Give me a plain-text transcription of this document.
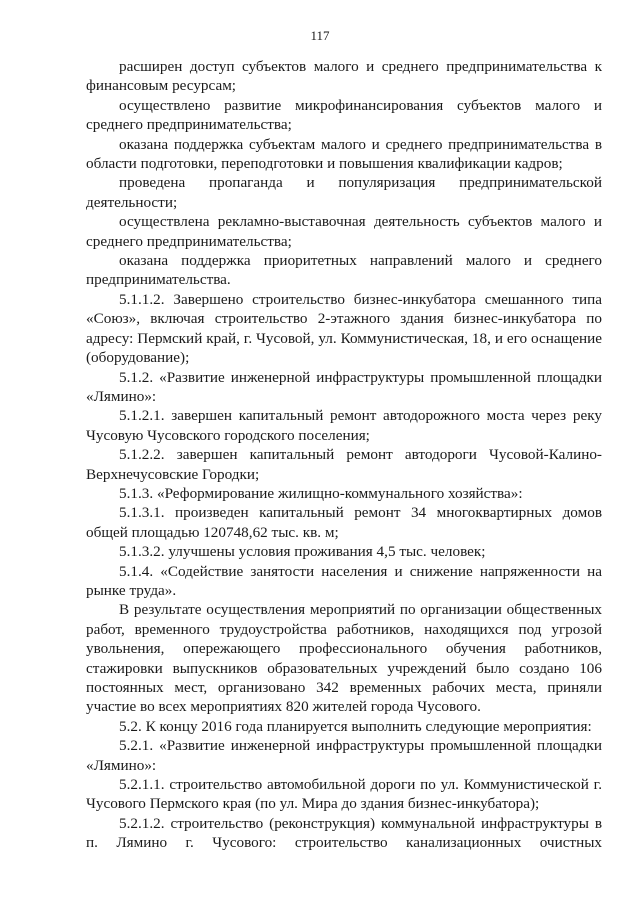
117

расширен доступ субъектов малого и среднего предпринимательства к финансовым ресурсам;

осуществлено развитие микрофинансирования субъектов малого и среднего предпринимательства;

оказана поддержка субъектам малого и среднего предпринимательства в области подготовки, переподготовки и повышения квалификации кадров;

проведена пропаганда и популяризация предпринимательской деятельности;

осуществлена рекламно-выставочная деятельность субъектов малого и среднего предпринимательства;

оказана поддержка приоритетных направлений малого и среднего предпринимательства.

5.1.1.2. Завершено строительство бизнес-инкубатора смешанного типа «Союз», включая строительство 2-этажного здания бизнес-инкубатора по адресу: Пермский край, г. Чусовой, ул. Коммунистическая, 18, и его оснащение (оборудование);

5.1.2. «Развитие инженерной инфраструктуры промышленной площадки «Лямино»:

5.1.2.1. завершен капитальный ремонт автодорожного моста через реку Чусовую Чусовского городского поселения;

5.1.2.2. завершен капитальный ремонт автодороги Чусовой-Калино-Верхнечусовские Городки;

5.1.3. «Реформирование жилищно-коммунального хозяйства»:

5.1.3.1. произведен капитальный ремонт 34 многоквартирных домов общей площадью 120748,62 тыс. кв. м;

5.1.3.2. улучшены условия проживания 4,5 тыс. человек;

5.1.4. «Содействие занятости населения и снижение напряженности на рынке труда».

В результате осуществления мероприятий по организации общественных работ, временного трудоустройства работников, находящихся под угрозой увольнения, опережающего профессионального обучения работников, стажировки выпускников образовательных учреждений было создано 106 постоянных мест, организовано 342 временных рабочих места, приняли участие во всех мероприятиях 820 жителей города Чусового.

5.2. К концу 2016 года планируется выполнить следующие мероприятия:

5.2.1. «Развитие инженерной инфраструктуры промышленной площадки «Лямино»:

5.2.1.1. строительство автомобильной дороги по ул. Коммунистической г. Чусового Пермского края (по ул. Мира до здания бизнес-инкубатора);

5.2.1.2. строительство (реконструкция) коммунальной инфраструктуры в п. Лямино г. Чусового: строительство канализационных очистных
